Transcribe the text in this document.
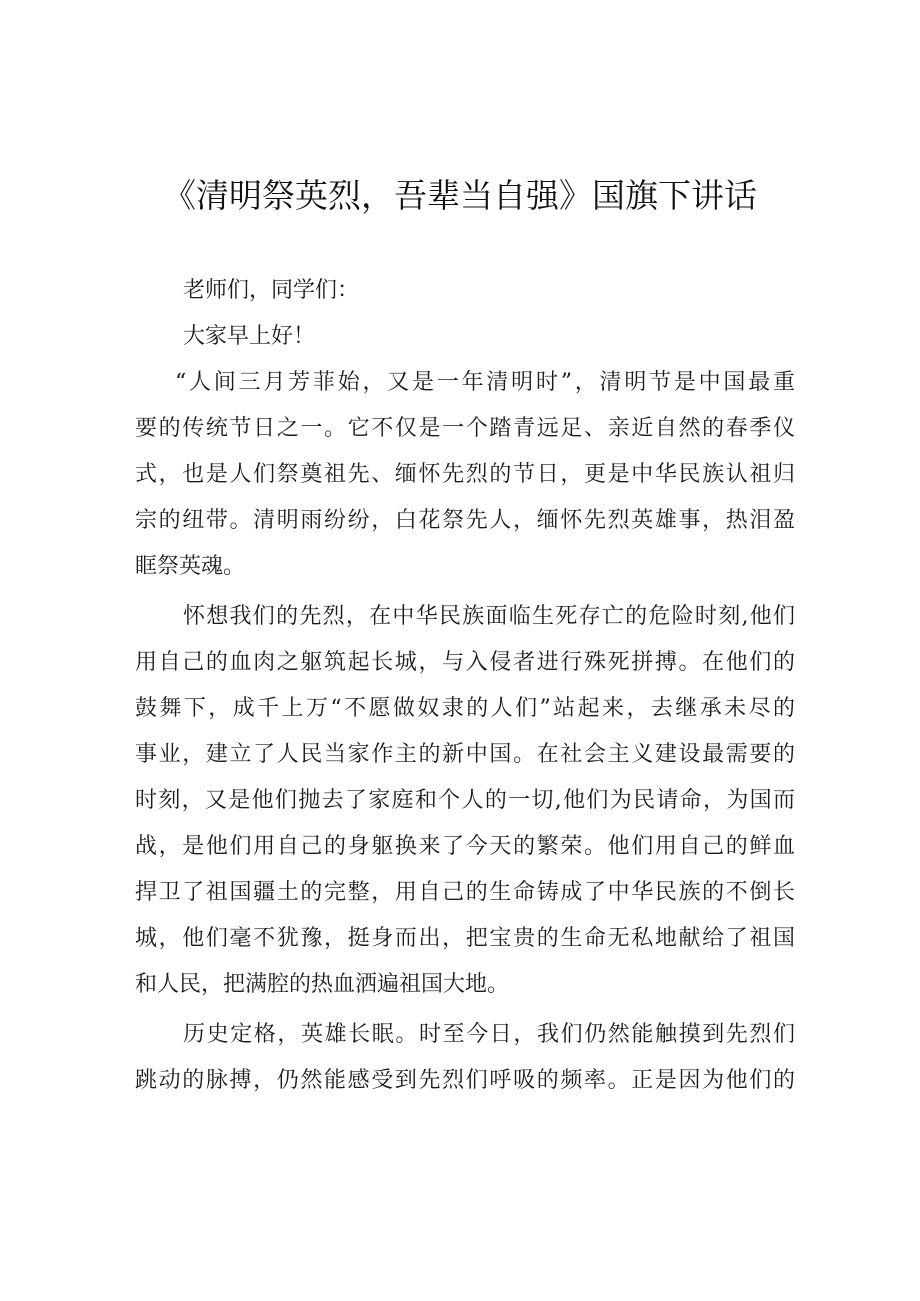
《清明祭英烈，吾辈当自强》国旗下讲话
老师们，同学们：
大家早上好！
“人间三月芳菲始，又是一年清明时”，清明节是中国最重
要的传统节日之一。它不仅是一个踏青远足、亲近自然的春季仪
式，也是人们祭奠祖先、缅怀先烈的节日，更是中华民族认祖归
宗的纽带。清明雨纷纷，白花祭先人，缅怀先烈英雄事，热泪盈
眶祭英魂。
怀想我们的先烈，在中华民族面临生死存亡的危险时刻,他们
用自己的血肉之躯筑起长城，与入侵者进行殊死拼搏。在他们的
鼓舞下，成千上万“不愿做奴隶的人们”站起来，去继承未尽的
事业，建立了人民当家作主的新中国。在社会主义建设最需要的
时刻，又是他们抛去了家庭和个人的一切,他们为民请命，为国而
战，是他们用自己的身躯换来了今天的繁荣。他们用自己的鲜血
捍卫了祖国疆土的完整，用自己的生命铸成了中华民族的不倒长
城，他们毫不犹豫，挺身而出，把宝贵的生命无私地献给了祖国
和人民，把满腔的热血洒遍祖国大地。
历史定格，英雄长眠。时至今日，我们仍然能触摸到先烈们
跳动的脉搏，仍然能感受到先烈们呼吸的频率。正是因为他们的
